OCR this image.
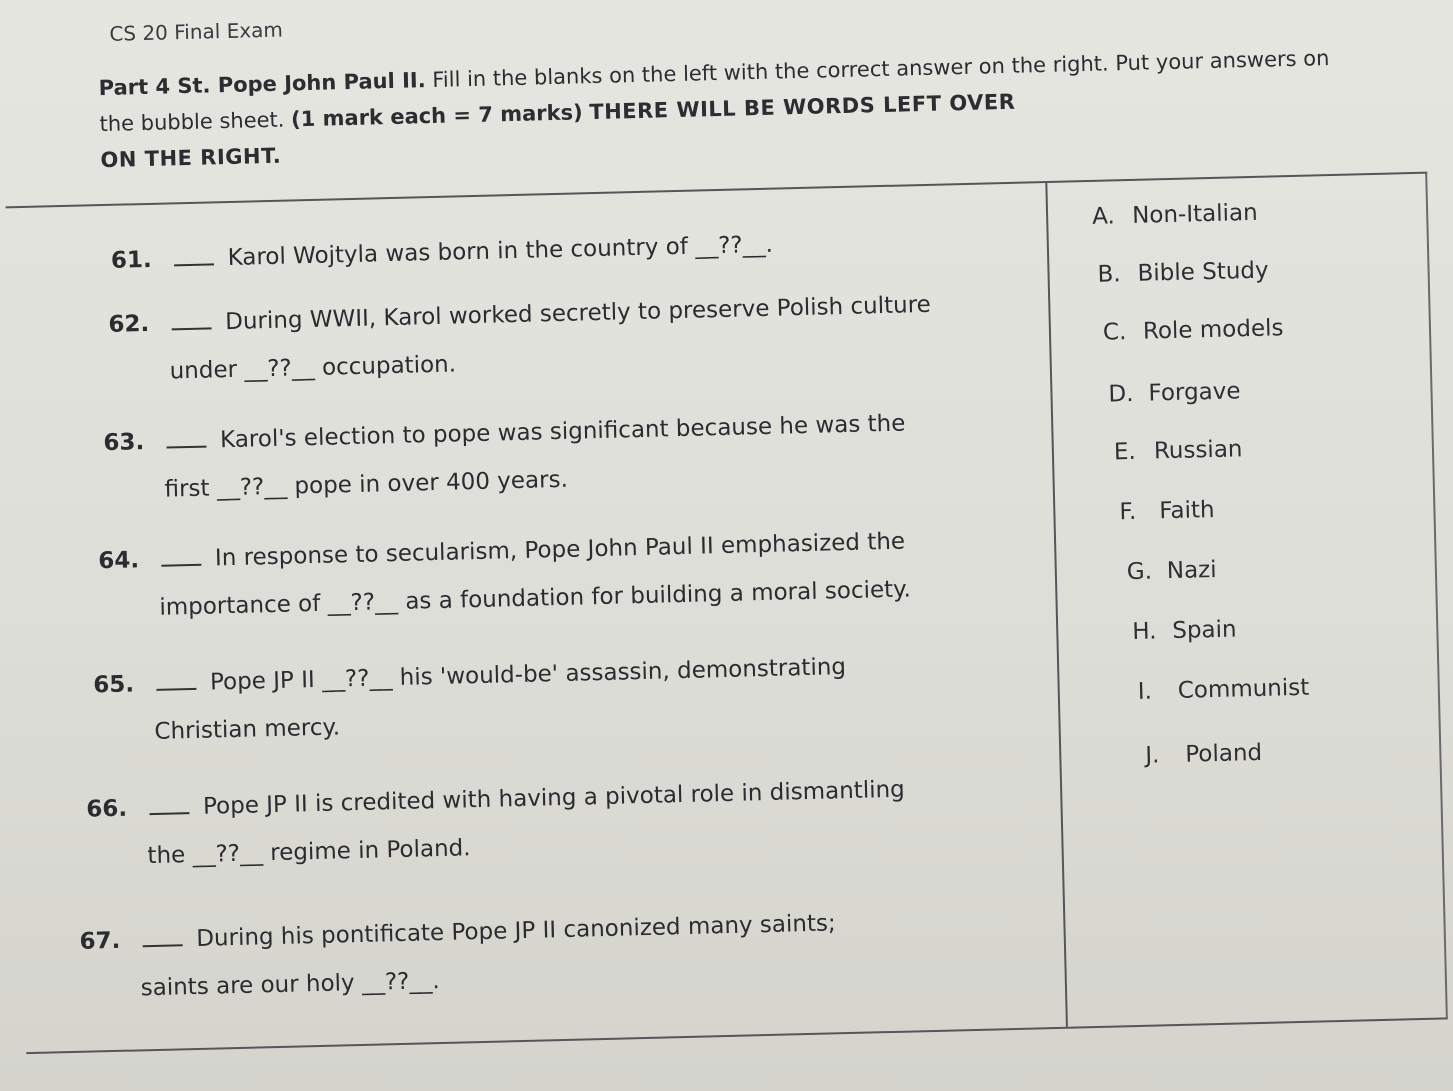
CS 20 Final Exam
Part 4 St. Pope John Paul II. Fill in the blanks on the left with the correct answer on the right. Put your answers on the bubble sheet. (1 mark each = 7 marks) THERE WILL BE WORDS LEFT OVER
ON THE RIGHT.
61.	Karol Wojtyla was born in the country of __??__.
62.	During WWII, Karol worked secretly to preserve Polish culture
under __??__ occupation.
63.	Karol's election to pope was significant because he was the
first __??__ pope in over 400 years.
64.	In response to secularism, Pope John Paul II emphasized the
importance of __??__ as a foundation for building a moral society.
65.	Pope JP II __??__ his 'would-be' assassin, demonstrating
Christian mercy.
66.	Pope JP II is credited with having a pivotal role in dismantling
the __??__ regime in Poland.
67.	During his pontificate Pope JP II canonized many saints;
saints are our holy __??__.
A. Non-Italian
B. Bible Study
C. Role models
D. Forgave
E. Russian
F. Faith
G. Nazi
H. Spain
I. Communist
J. Poland
